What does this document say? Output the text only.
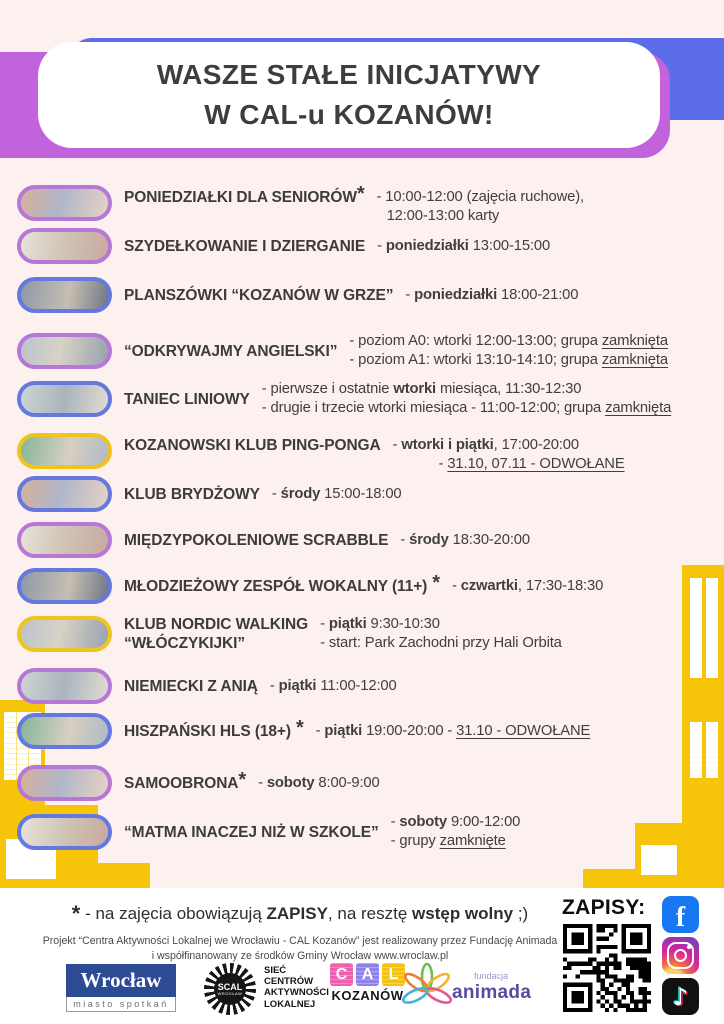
WASZE STAŁE INICJATYWY
W CAL-u KOZANÓW!
PONIEDZIAŁKI DLA SENIORÓW* - 10:00-12:00 (zajęcia ruchowe),
12:00-13:00 karty
SZYDEŁKOWANIE I DZIERGANIE - poniedziałki 13:00-15:00
PLANSZÓWKI “KOZANÓW W GRZE” - poniedziałki 18:00-21:00
“ODKRYWAJMY ANGIELSKI”
- poziom A0: wtorki 12:00-13:00; grupa zamknięta
- poziom A1: wtorki 13:10-14:10; grupa zamknięta
TANIEC LINIOWY
- pierwsze i ostatnie wtorki miesiąca, 11:30-12:30
- drugie i trzecie wtorki miesiąca - 11:00-12:00; grupa zamknięta
KOZANOWSKI KLUB PING-PONGA - wtorki i piątki, 17:00-20:00
- 31.10, 07.11 - ODWOŁANE
KLUB BRYDŻOWY - środy 15:00-18:00
MIĘDZYPOKOLENIOWE SCRABBLE - środy 18:30-20:00
MŁODZIEŻOWY ZESPÓŁ WOKALNY (11+) * - czwartki, 17:30-18:30
KLUB NORDIC WALKING
“WŁÓCZYKIJKI”
- piątki 9:30-10:30
- start: Park Zachodni przy Hali Orbita
NIEMIECKI Z ANIĄ - piątki 11:00-12:00
HISZPAŃSKI HLS (18+) * - piątki 19:00-20:00 - 31.10 - ODWOŁANE
SAMOOBRONA* - soboty 8:00-9:00
“MATMA INACZEJ NIŻ W SZKOLE”
- soboty 9:00-12:00
- grupy zamknięte
* - na zajęcia obowiązują ZAPISY, na resztę wstęp wolny ;)
Projekt “Centra Aktywności Lokalnej we Wrocławiu - CAL Kozanów” jest realizowany przez Fundację Animada
i współfinanowany ze środków Gminy Wrocław www.wroclaw.pl
Wrocław
miasto spotkań
SCAL
WROCŁAW
SIEĆ
CENTRÓW
AKTYWNOŚCI
LOKALNEJ
C A L
KOZANÓW
fundacja
animada
ZAPISY:
f
♪
